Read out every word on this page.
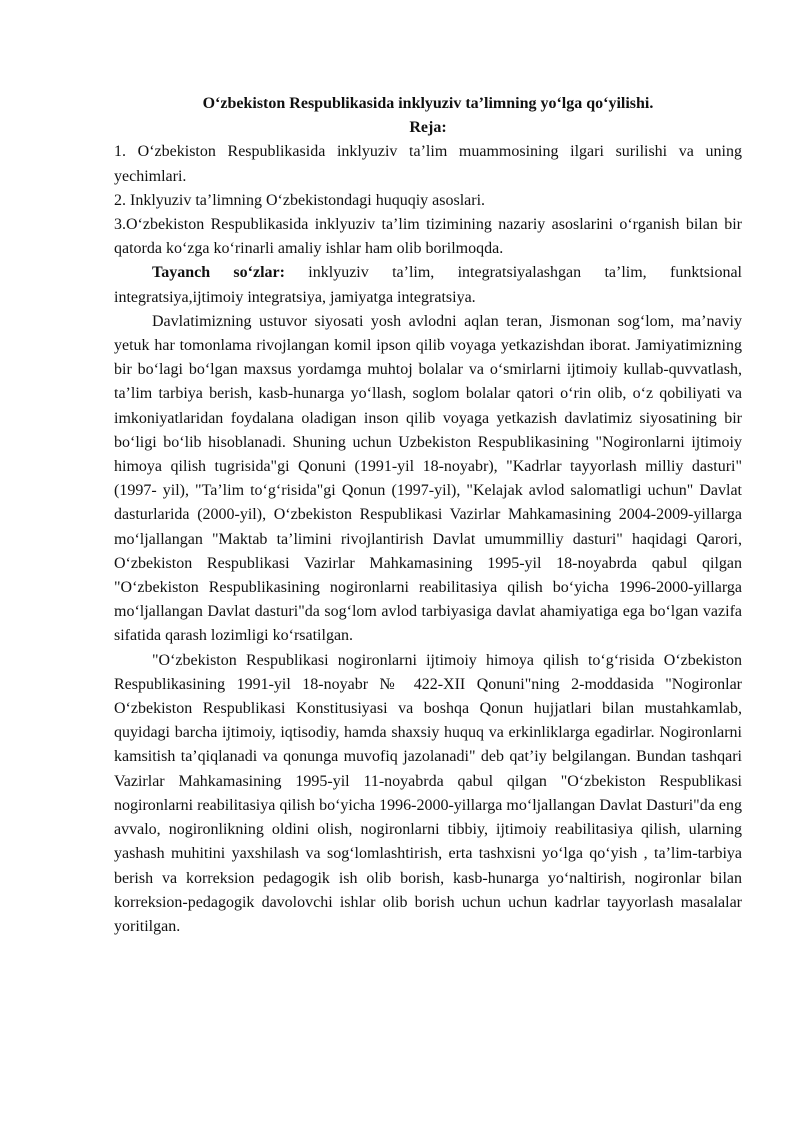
O‘zbekiston Respublikasida inklyuziv ta’limning yo‘lga qo‘yilishi.

Reja:

1. O‘zbekiston Respublikasida inklyuziv ta’lim muammosining ilgari surilishi va uning yechimlari.

2. Inklyuziv ta’limning O‘zbekistondagi huquqiy asoslari.

3.O‘zbekiston Respublikasida inklyuziv ta’lim tizimining nazariy asoslarini o‘rganish bilan bir qatorda ko‘zga ko‘rinarli amaliy ishlar ham olib borilmoqda.

Tayanch so‘zlar: inklyuziv ta’lim, integratsiyalashgan ta’lim, funktsional integratsiya,ijtimoiy integratsiya, jamiyatga integratsiya.

Davlatimizning ustuvor siyosati yosh avlodni aqlan teran, Jismonan sog‘lom, ma’naviy yetuk har tomonlama rivojlangan komil ipson qilib voyaga yetkazishdan iborat. Jamiyatimizning bir bo‘lagi bo‘lgan maxsus yordamga muhtoj bolalar va o‘smirlarni ijtimoiy kullab-quvvatlash, ta’lim tarbiya berish, kasb-hunarga yo‘llash, soglom bolalar qatori o‘rin olib, o‘z qobiliyati va imkoniyatlaridan foydalana oladigan inson qilib voyaga yetkazish davlatimiz siyosatining bir bo‘ligi bo‘lib hisoblanadi. Shuning uchun Uzbekiston Respublikasining "Nogironlarni ijtimoiy himoya qilish tugrisida"gi Qonuni (1991-yil 18-noyabr), "Kadrlar tayyorlash milliy dasturi" (1997- yil), "Ta’lim to‘g‘risida"gi Qonun (1997-yil), "Kelajak avlod salomatligi uchun" Davlat dasturlarida (2000-yil), O‘zbekiston Respublikasi Vazirlar Mahkamasining 2004-2009-yillarga mo‘ljallangan "Maktab ta’limini rivojlantirish Davlat umummilliy dasturi" haqidagi Qarori, O‘zbekiston Respublikasi Vazirlar Mahkamasining 1995-yil 18-noyabrda qabul qilgan "O‘zbekiston Respublikasining nogironlarni reabilitasiya qilish bo‘yicha 1996-2000-yillarga mo‘ljallangan Davlat dasturi"da sog‘lom avlod tarbiyasiga davlat ahamiyatiga ega bo‘lgan vazifa sifatida qarash lozimligi ko‘rsatilgan.

"O‘zbekiston Respublikasi nogironlarni ijtimoiy himoya qilish to‘g‘risida O‘zbekiston Respublikasining 1991-yil 18-noyabr № 422-XII Qonuni"ning 2-moddasida "Nogironlar O‘zbekiston Respublikasi Konstitusiyasi va boshqa Qonun hujjatlari bilan mustahkamlab, quyidagi barcha ijtimoiy, iqtisodiy, hamda shaxsiy huquq va erkinliklarga egadirlar. Nogironlarni kamsitish ta’qiqlanadi va qonunga muvofiq jazolanadi" deb qat’iy belgilangan. Bundan tashqari Vazirlar Mahkamasining 1995-yil 11-noyabrda qabul qilgan "O‘zbekiston Respublikasi nogironlarni reabilitasiya qilish bo‘yicha 1996-2000-yillarga mo‘ljallangan Davlat Dasturi"da eng avvalo, nogironlikning oldini olish, nogironlarni tibbiy, ijtimoiy reabilitasiya qilish, ularning yashash muhitini yaxshilash va sog‘lomlashtirish, erta tashxisni yo‘lga qo‘yish , ta’lim-tarbiya berish va korreksion pedagogik ish olib borish, kasb-hunarga yo‘naltirish, nogironlar bilan korreksion-pedagogik davolovchi ishlar olib borish uchun uchun kadrlar tayyorlash masalalar yoritilgan.
